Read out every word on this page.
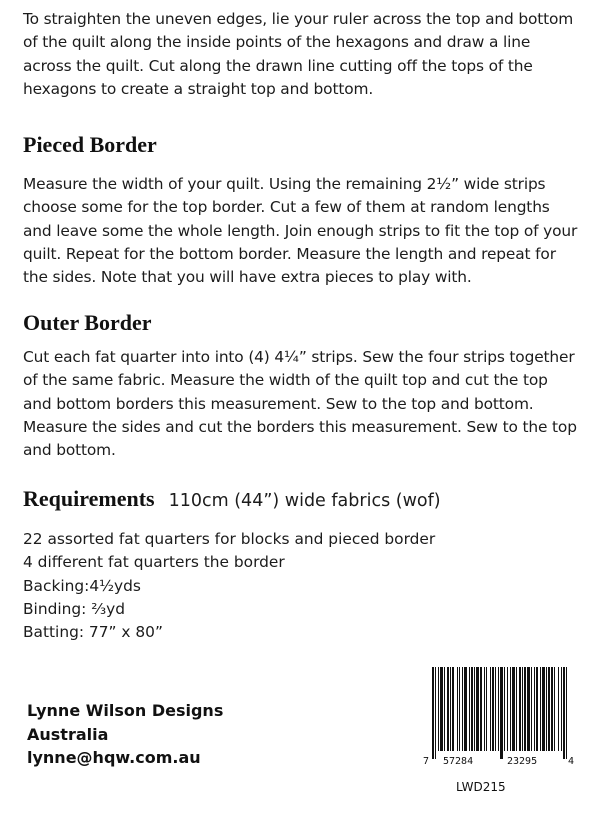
To straighten the uneven edges, lie your ruler across the top and bottom of the quilt along the inside points of the hexagons and draw a line across the quilt. Cut along the drawn line cutting off the tops of the hexagons to create a straight top and bottom.

Pieced Border

Measure the width of your quilt. Using the remaining 2½” wide strips choose some for the top border. Cut a few of them at random lengths and leave some the whole length. Join enough strips to fit the top of your quilt. Repeat for the bottom border. Measure the length and repeat for the sides. Note that you will have extra pieces to play with.

Outer Border

Cut each fat quarter into into (4) 4¼” strips. Sew the four strips together of the same fabric. Measure the width of the quilt top and cut the top and bottom borders this measurement. Sew to the top and bottom. Measure the sides and cut the borders this measurement. Sew to the top and bottom.

Requirements 110cm (44”) wide fabrics (wof)
22 assorted fat quarters for blocks and pieced border
4 different fat quarters the border
Backing:4½yds
Binding: ⅔yd
Batting: 77” x 80”
Lynne Wilson Designs
Australia
lynne@hqw.com.au	7 57284	23295	4
LWD215
